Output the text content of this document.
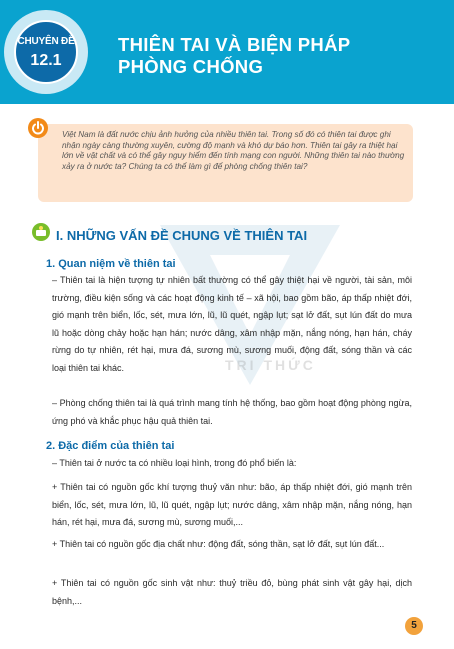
CHUYÊN ĐỀ
12.1
THIÊN TAI VÀ BIỆN PHÁP
PHÒNG CHỐNG

Việt Nam là đất nước chịu ảnh hưởng của nhiều thiên tai. Trong số đó có thiên tai được ghi nhận ngày càng thường xuyên, cường độ mạnh và khó dự báo hơn. Thiên tai gây ra thiệt hại lớn về vật chất và có thể gây nguy hiểm đến tính mạng con người. Những thiên tai nào thường xảy ra ở nước ta? Chúng ta có thể làm gì để phòng chống thiên tai?

TRI THỨC
I. NHỮNG VẤN ĐỀ CHUNG VỀ THIÊN TAI
1. Quan niệm về thiên tai

– Thiên tai là hiện tượng tự nhiên bất thường có thể gây thiệt hại về người, tài sản, môi trường, điều kiện sống và các hoạt động kinh tế – xã hội, bao gồm bão, áp thấp nhiệt đới, gió mạnh trên biển, lốc, sét, mưa lớn, lũ, lũ quét, ngập lụt; sạt lở đất, sụt lún đất do mưa lũ hoặc dòng chảy hoặc hạn hán; nước dâng, xâm nhập mặn, nắng nóng, hạn hán, cháy rừng do tự nhiên, rét hại, mưa đá, sương mù, sương muối, động đất, sóng thần và các loại thiên tai khác.

– Phòng chống thiên tai là quá trình mang tính hệ thống, bao gồm hoạt động phòng ngừa, ứng phó và khắc phục hậu quả thiên tai.

2. Đặc điểm của thiên tai

– Thiên tai ở nước ta có nhiều loại hình, trong đó phổ biến là:

+ Thiên tai có nguồn gốc khí tượng thuỷ văn như: bão, áp thấp nhiệt đới, gió mạnh trên biển, lốc, sét, mưa lớn, lũ, lũ quét, ngập lụt; nước dâng, xâm nhập mặn, nắng nóng, hạn hán, rét hại, mưa đá, sương mù, sương muối,...

+ Thiên tai có nguồn gốc địa chất như: động đất, sóng thần, sạt lở đất, sụt lún đất...

+ Thiên tai có nguồn gốc sinh vật như: thuỷ triều đỏ, bùng phát sinh vật gây hại, dịch bệnh,...

5
